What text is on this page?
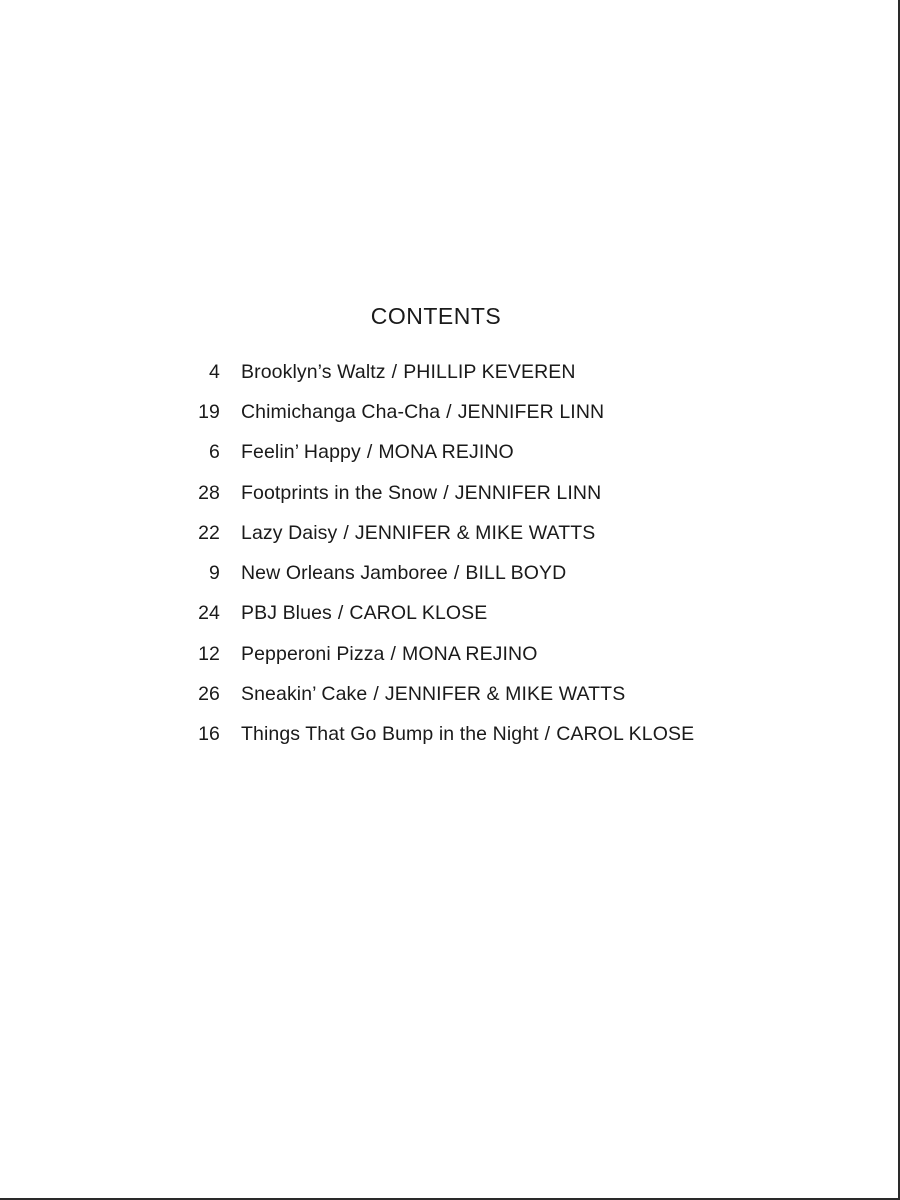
CONTENTS
4 Brooklyn’s Waltz / PHILLIP KEVEREN
19 Chimichanga Cha-Cha / JENNIFER LINN
6 Feelin’ Happy / MONA REJINO
28 Footprints in the Snow / JENNIFER LINN
22 Lazy Daisy / JENNIFER & MIKE WATTS
9 New Orleans Jamboree / BILL BOYD
24 PBJ Blues / CAROL KLOSE
12 Pepperoni Pizza / MONA REJINO
26 Sneakin’ Cake / JENNIFER & MIKE WATTS
16 Things That Go Bump in the Night / CAROL KLOSE
